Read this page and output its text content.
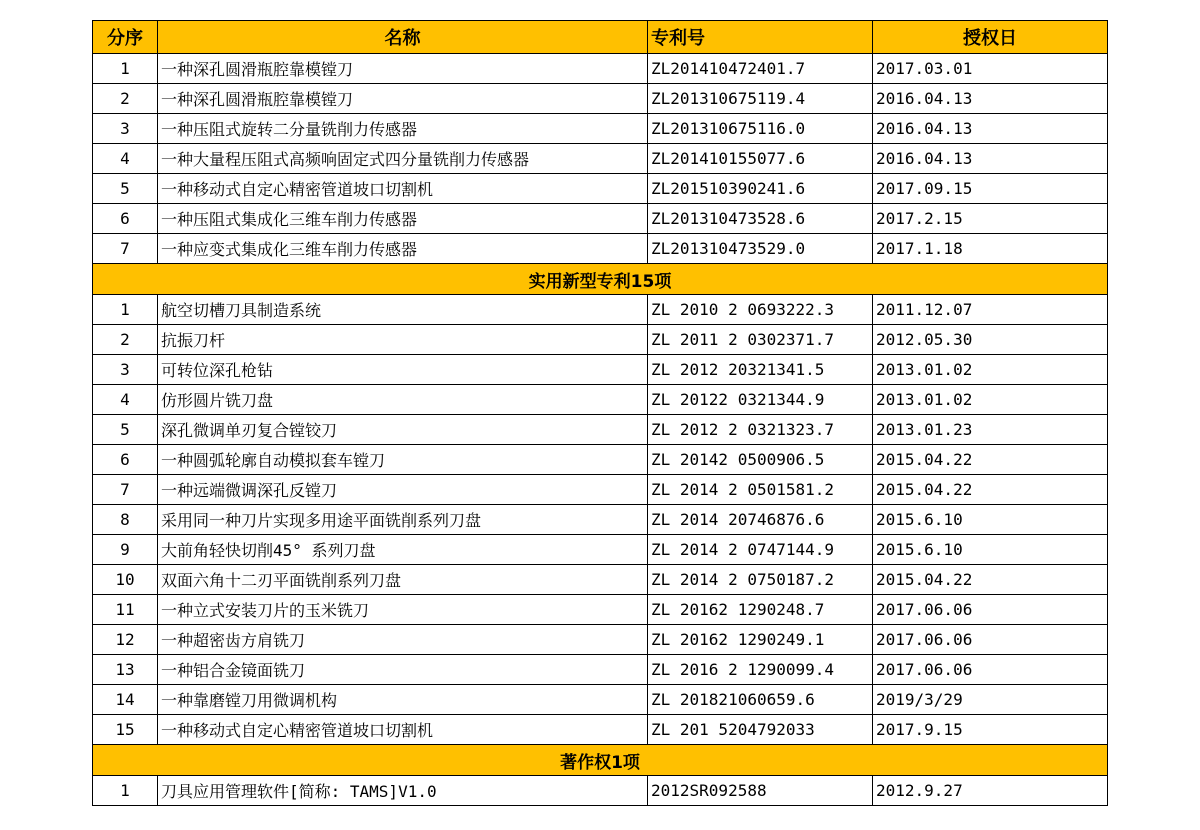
分序	名称	专利号	授权日
1	一种深孔圆滑瓶腔靠模镗刀	ZL201410472401.7	2017.03.01
2	一种深孔圆滑瓶腔靠模镗刀	ZL201310675119.4	2016.04.13
3	一种压阻式旋转二分量铣削力传感器	ZL201310675116.0	2016.04.13
4	一种大量程压阻式高频响固定式四分量铣削力传感器	ZL201410155077.6	2016.04.13
5	一种移动式自定心精密管道坡口切割机	ZL201510390241.6	2017.09.15
6	一种压阻式集成化三维车削力传感器	ZL201310473528.6	2017.2.15
7	一种应变式集成化三维车削力传感器	ZL201310473529.0	2017.1.18
实用新型专利15项			
1	航空切槽刀具制造系统	ZL 2010 2 0693222.3	2011.12.07
2	抗振刀杆	ZL 2011 2 0302371.7	2012.05.30
3	可转位深孔枪钻	ZL 2012 20321341.5	2013.01.02
4	仿形圆片铣刀盘	ZL 20122 0321344.9	2013.01.02
5	深孔微调单刃复合镗铰刀	ZL 2012 2 0321323.7	2013.01.23
6	一种圆弧轮廓自动模拟套车镗刀	ZL 20142 0500906.5	2015.04.22
7	一种远端微调深孔反镗刀	ZL 2014 2 0501581.2	2015.04.22
8	采用同一种刀片实现多用途平面铣削系列刀盘	ZL 2014 20746876.6	2015.6.10
9	大前角轻快切削45° 系列刀盘	ZL 2014 2 0747144.9	2015.6.10
10	双面六角十二刃平面铣削系列刀盘	ZL 2014 2 0750187.2	2015.04.22
11	一种立式安装刀片的玉米铣刀	ZL 20162 1290248.7	2017.06.06
12	一种超密齿方肩铣刀	ZL 20162 1290249.1	2017.06.06
13	一种铝合金镜面铣刀	ZL 2016 2 1290099.4	2017.06.06
14	一种靠磨镗刀用微调机构	ZL 201821060659.6	2019/3/29
15	一种移动式自定心精密管道坡口切割机	ZL 201 5204792033	2017.9.15
著作权1项			
1	刀具应用管理软件[简称: TAMS]V1.0	2012SR092588	2012.9.27
